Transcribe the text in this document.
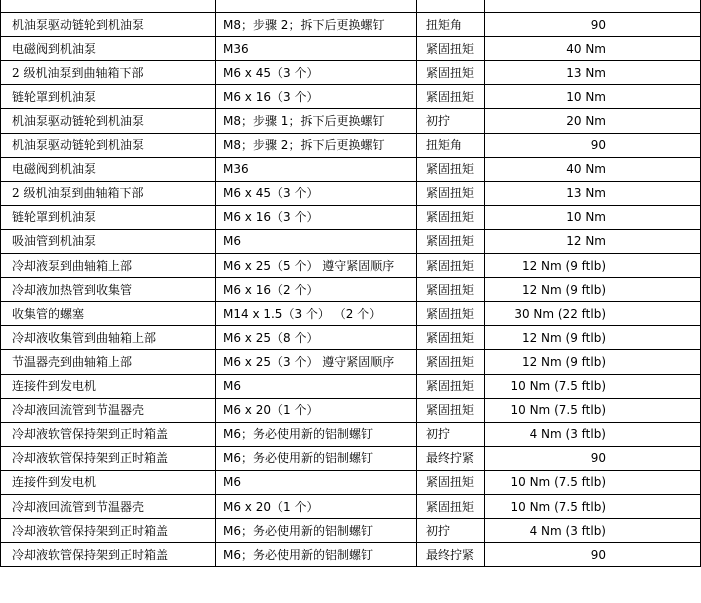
机油泵驱动链轮到机油泵	M8；步骤 2；拆下后更换螺钉	扭矩角	90
电磁阀到机油泵	M36	紧固扭矩	40 Nm
2 级机油泵到曲轴箱下部	M6 x 45（3 个）	紧固扭矩	13 Nm
链轮罩到机油泵	M6 x 16（3 个）	紧固扭矩	10 Nm
机油泵驱动链轮到机油泵	M8；步骤 1；拆下后更换螺钉	初拧	20 Nm
机油泵驱动链轮到机油泵	M8；步骤 2；拆下后更换螺钉	扭矩角	90
电磁阀到机油泵	M36	紧固扭矩	40 Nm
2 级机油泵到曲轴箱下部	M6 x 45（3 个）	紧固扭矩	13 Nm
链轮罩到机油泵	M6 x 16（3 个）	紧固扭矩	10 Nm
吸油管到机油泵	M6	紧固扭矩	12 Nm
冷却液泵到曲轴箱上部	M6 x 25（5 个） 遵守紧固顺序	紧固扭矩	12 Nm (9 ftlb)
冷却液加热管到收集管	M6 x 16（2 个）	紧固扭矩	12 Nm (9 ftlb)
收集管的螺塞	M14 x 1.5（3 个） （2 个）	紧固扭矩	30 Nm (22 ftlb)
冷却液收集管到曲轴箱上部	M6 x 25（8 个）	紧固扭矩	12 Nm (9 ftlb)
节温器壳到曲轴箱上部	M6 x 25（3 个） 遵守紧固顺序	紧固扭矩	12 Nm (9 ftlb)
连接件到发电机	M6	紧固扭矩	10 Nm (7.5 ftlb)
冷却液回流管到节温器壳	M6 x 20（1 个）	紧固扭矩	10 Nm (7.5 ftlb)
冷却液软管保持架到正时箱盖	M6；务必使用新的铝制螺钉	初拧	4 Nm (3 ftlb)
冷却液软管保持架到正时箱盖	M6；务必使用新的铝制螺钉	最终拧紧	90
连接件到发电机	M6	紧固扭矩	10 Nm (7.5 ftlb)
冷却液回流管到节温器壳	M6 x 20（1 个）	紧固扭矩	10 Nm (7.5 ftlb)
冷却液软管保持架到正时箱盖	M6；务必使用新的铝制螺钉	初拧	4 Nm (3 ftlb)
冷却液软管保持架到正时箱盖	M6；务必使用新的铝制螺钉	最终拧紧	90
